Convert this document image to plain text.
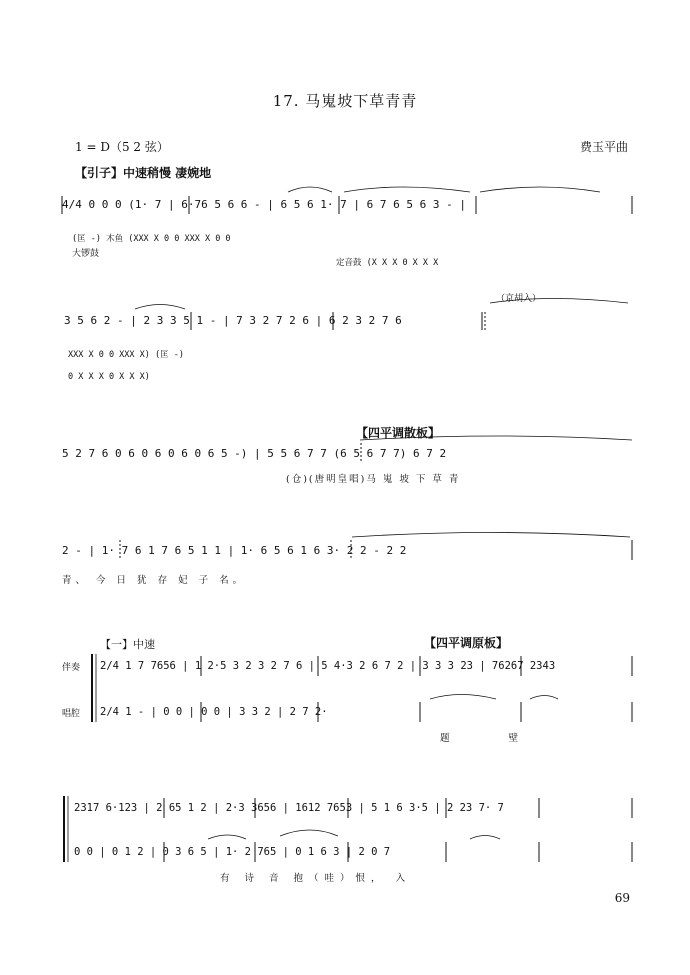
17. 马嵬坡下草青青
1 = D（5 2 弦）	费玉平曲
【引子】中速稍慢 凄婉地
4/4 0 0 0 (1· 7 | 6·76 5 6 6 - | 6 5 6 1· 7 | 6 7 6 5 6 3 - |
(匡 -) 木鱼 (XXX X 0 0 XXX X 0 0
大锣鼓
定音鼓 (X X X 0 X X X
（京胡入）
3 5 6 2 - | 2 3 3 5 1 - | 7 3 2 7 2 6 | 6 2 3 2 7 6
XXX X 0 0 XXX X) (匡 -)
0 X X X 0 X X X)
【四平调散板】
5 2 7 6 0 6 0 6 0 6 0 6 5 -) | 5 5 6 7 7 (6 5 6 7 7) 6 7 2
(仓)(唐明皇唱)马 嵬 坡 下 草 青
2 - | 1· 7 6 1 7 6 5 1 1 | 1· 6 5 6 1 6 3· 2 2 - 2 2
青、 今 日 犹 存 妃 子 名。
【一】中速	【四平调原板】
伴奏
唱腔
2/4 1 7 7656 | 1 2·5 3 2 3 2 7 6 | 5 4·3 2 6 7 2 | 3 3 3 23 | 76267 2343
2/4 1 - | 0 0 | 0 0 | 3 3 2 | 2 7 2·
题 壁
2317 6·123 | 2 65 1 2 | 2·3 3656 | 1612 7653 | 5 1 6 3·5 | 2 23 7· 7
0 0 | 0 1 2 | 0 3 6 5 | 1· 2 765 | 0 1 6 3 | 2 0 7
有 诗 音 抱（哇）恨， 入
69
